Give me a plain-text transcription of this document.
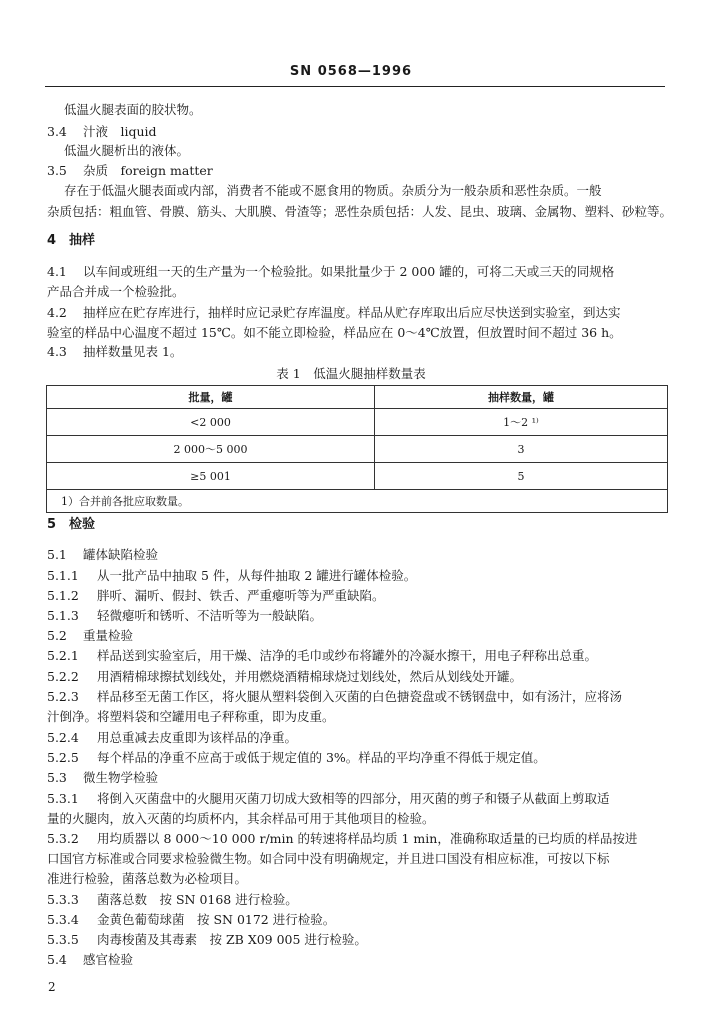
SN 0568—1996
低温火腿表面的胶状物。
3.4 汁液　liquid
低温火腿析出的液体。
3.5 杂质　foreign matter
存在于低温火腿表面或内部，消费者不能或不愿食用的物质。杂质分为一般杂质和恶性杂质。一般
杂质包括：粗血管、骨膜、筋头、大肌膜、骨渣等；恶性杂质包括：人发、昆虫、玻璃、金属物、塑料、砂粒等。
4　抽样
4.1 以车间或班组一天的生产量为一个检验批。如果批量少于 2 000 罐的，可将二天或三天的同规格
产品合并成一个检验批。
4.2 抽样应在贮存库进行，抽样时应记录贮存库温度。样品从贮存库取出后应尽快送到实验室，到达实
验室的样品中心温度不超过 15℃。如不能立即检验，样品应在 0～4℃放置，但放置时间不超过 36 h。
4.3 抽样数量见表 1。
表 1　低温火腿抽样数量表
批量，罐	抽样数量，罐
<2 000	1～2 ¹⁾
2 000～5 000	3
≥5 001	5
1）合并前各批应取数量。	
5　检验
5.1 罐体缺陷检验
5.1.1 从一批产品中抽取 5 件，从每件抽取 2 罐进行罐体检验。
5.1.2 胖听、漏听、假封、铁舌、严重瘪听等为严重缺陷。
5.1.3 轻微瘪听和锈听、不洁听等为一般缺陷。
5.2 重量检验
5.2.1 样品送到实验室后，用干燥、洁净的毛巾或纱布将罐外的冷凝水擦干，用电子秤称出总重。
5.2.2 用酒精棉球擦拭划线处，并用燃烧酒精棉球烧过划线处，然后从划线处开罐。
5.2.3 样品移至无菌工作区，将火腿从塑料袋倒入灭菌的白色搪瓷盘或不锈钢盘中，如有汤汁，应将汤
汁倒净。将塑料袋和空罐用电子秤称重，即为皮重。
5.2.4 用总重减去皮重即为该样品的净重。
5.2.5 每个样品的净重不应高于或低于规定值的 3%。样品的平均净重不得低于规定值。
5.3 微生物学检验
5.3.1 将倒入灭菌盘中的火腿用灭菌刀切成大致相等的四部分，用灭菌的剪子和镊子从截面上剪取适
量的火腿肉，放入灭菌的均质杯内，其余样品可用于其他项目的检验。
5.3.2 用均质器以 8 000～10 000 r/min 的转速将样品均质 1 min，准确称取适量的已均质的样品按进
口国官方标准或合同要求检验微生物。如合同中没有明确规定，并且进口国没有相应标准，可按以下标
准进行检验，菌落总数为必检项目。
5.3.3 菌落总数　按 SN 0168 进行检验。
5.3.4 金黄色葡萄球菌　按 SN 0172 进行检验。
5.3.5 肉毒梭菌及其毒素　按 ZB X09 005 进行检验。
5.4 感官检验
2
